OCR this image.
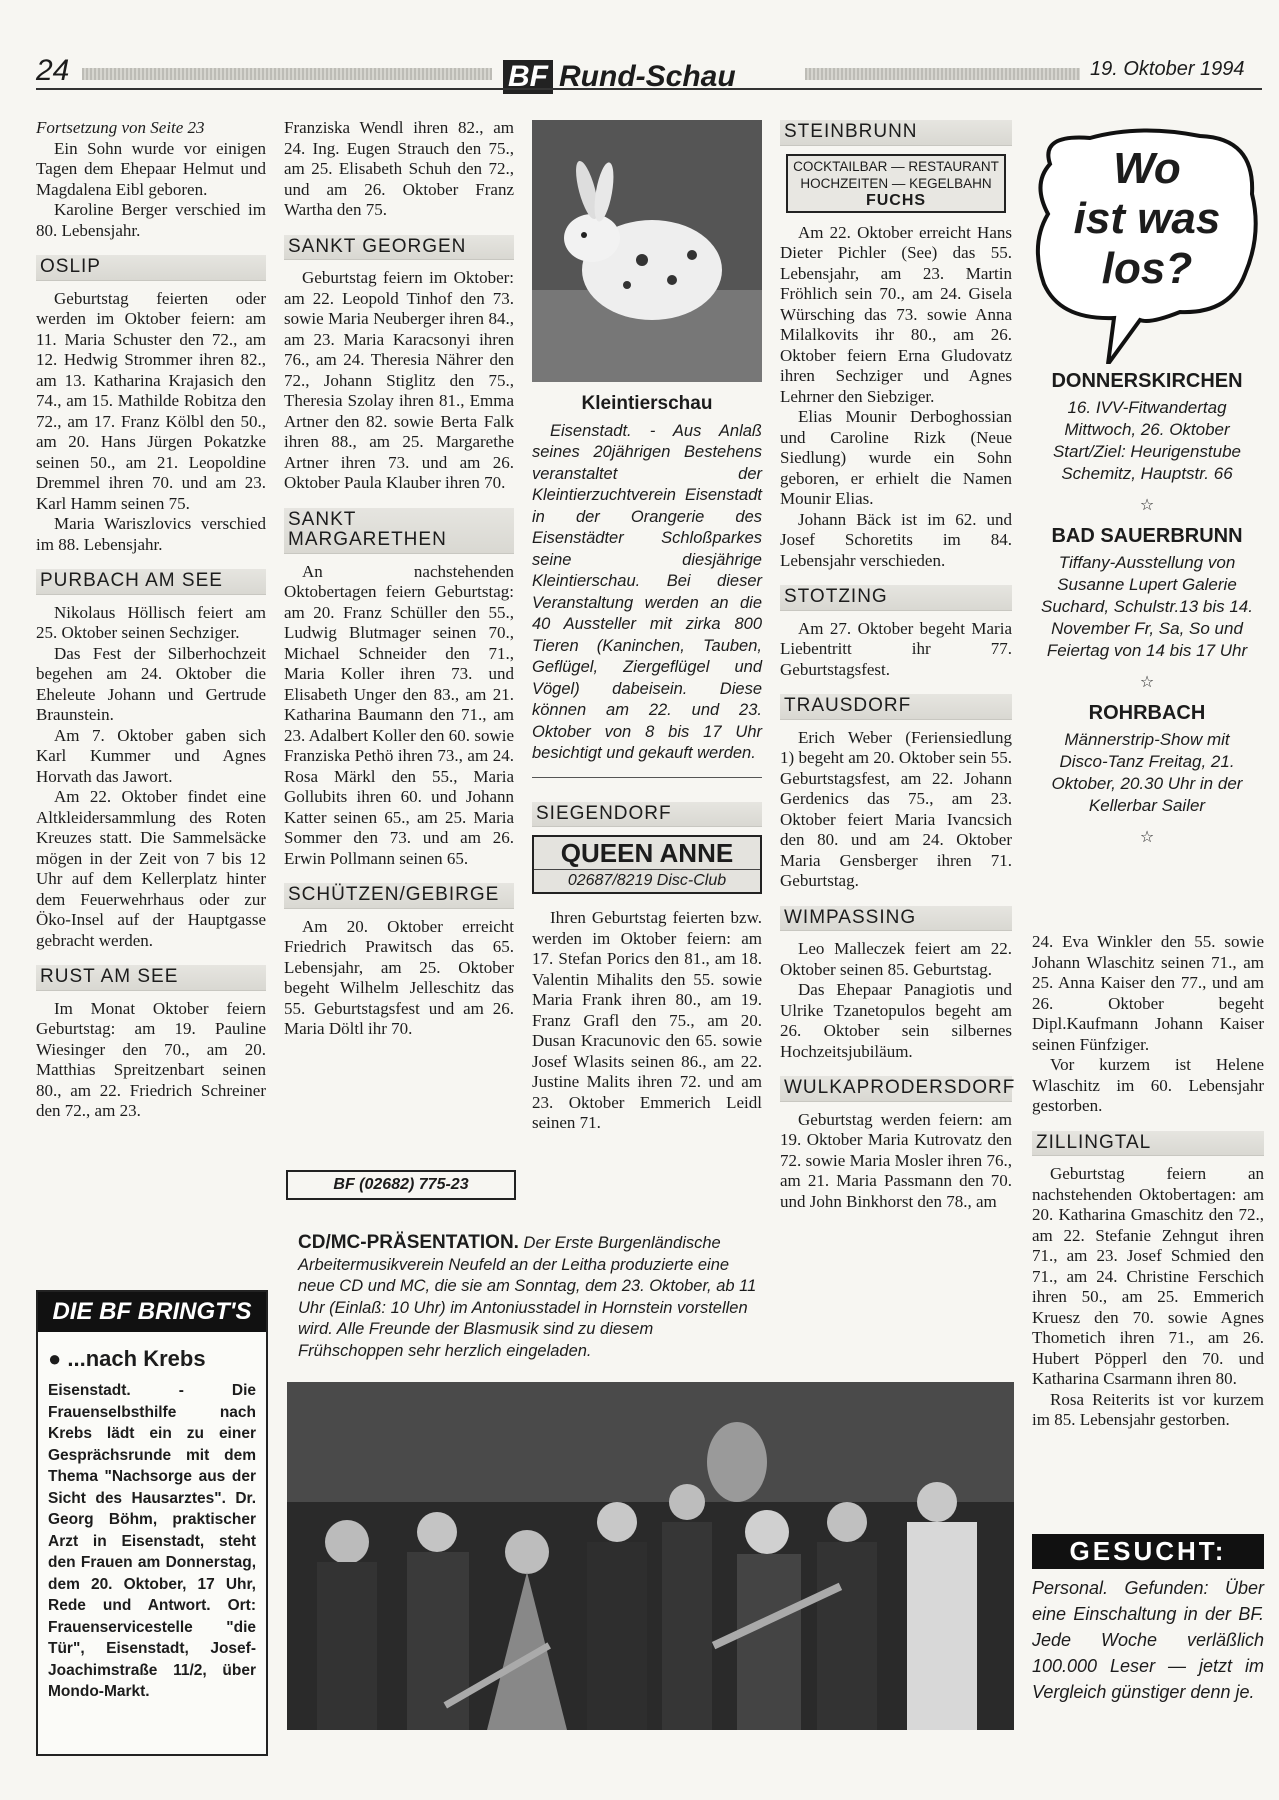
24	BF Rund-Schau	19. Oktober 1994

Fortsetzung von Seite 23

Ein Sohn wurde vor einigen Tagen dem Ehepaar Helmut und Magdalena Eibl geboren.

Karoline Berger verschied im 80. Lebensjahr.

OSLIP

Geburtstag feierten oder werden im Oktober feiern: am 11. Maria Schuster den 72., am 12. Hedwig Strommer ihren 82., am 13. Katharina Krajasich den 74., am 15. Mathilde Robitza den 72., am 17. Franz Kölbl den 50., am 20. Hans Jürgen Pokatzke seinen 50., am 21. Leopoldine Dremmel ihren 70. und am 23. Karl Hamm seinen 75.

Maria Wariszlovics verschied im 88. Lebensjahr.

PURBACH AM SEE

Nikolaus Höllisch feiert am 25. Oktober seinen Sechziger.

Das Fest der Silberhochzeit begehen am 24. Oktober die Eheleute Johann und Gertrude Braunstein.

Am 7. Oktober gaben sich Karl Kummer und Agnes Horvath das Jawort.

Am 22. Oktober findet eine Altkleidersammlung des Roten Kreuzes statt. Die Sammelsäcke mögen in der Zeit von 7 bis 12 Uhr auf dem Kellerplatz hinter dem Feuerwehrhaus oder zur Öko-Insel auf der Hauptgasse gebracht werden.

RUST AM SEE

Im Monat Oktober feiern Geburtstag: am 19. Pauline Wiesinger den 70., am 20. Matthias Spreitzenbart seinen 80., am 22. Friedrich Schreiner den 72., am 23.

DIE BF BRINGT'S
● ...nach Krebs
Eisenstadt. - Die Frauenselbsthilfe nach Krebs lädt ein zu einer Gesprächsrunde mit dem Thema "Nachsorge aus der Sicht des Hausarztes". Dr. Georg Böhm, praktischer Arzt in Eisenstadt, steht den Frauen am Donnerstag, dem 20. Oktober, 17 Uhr, Rede und Antwort. Ort: Frauenservicestelle "die Tür", Eisenstadt, Josef-Joachimstraße 11/2, über Mondo-Markt.

Franziska Wendl ihren 82., am 24. Ing. Eugen Strauch den 75., am 25. Elisabeth Schuh den 72., und am 26. Oktober Franz Wartha den 75.

SANKT GEORGEN

Geburtstag feiern im Oktober: am 22. Leopold Tinhof den 73. sowie Maria Neuberger ihren 84., am 23. Maria Karacsonyi ihren 76., am 24. Theresia Nährer den 72., Johann Stiglitz den 75., Theresia Szolay ihren 81., Emma Artner den 82. sowie Berta Falk ihren 88., am 25. Margarethe Artner ihren 73. und am 26. Oktober Paula Klauber ihren 70.

SANKT MARGARETHEN

An nachstehenden Oktobertagen feiern Geburtstag: am 20. Franz Schüller den 55., Ludwig Blutmager seinen 70., Michael Schneider den 71., Maria Koller ihren 73. und Elisabeth Unger den 83., am 21. Katharina Baumann den 71., am 23. Adalbert Koller den 60. sowie Franziska Pethö ihren 73., am 24. Rosa Märkl den 55., Maria Gollubits ihren 60. und Johann Katter seinen 65., am 25. Maria Sommer den 73. und am 26. Erwin Pollmann seinen 65.

SCHÜTZEN/GEBIRGE

Am 20. Oktober erreicht Friedrich Prawitsch das 65. Lebensjahr, am 25. Oktober begeht Wilhelm Jelleschitz das 55. Geburtstagsfest und am 26. Maria Döltl ihr 70.

BF (02682) 775-23
Kleintierschau

Eisenstadt. - Aus Anlaß seines 20jährigen Bestehens veranstaltet der Kleintierzuchtverein Eisenstadt in der Orangerie des Eisenstädter Schloßparkes seine diesjährige Kleintierschau. Bei dieser Veranstaltung werden an die 40 Aussteller mit zirka 800 Tieren (Kaninchen, Tauben, Geflügel, Ziergeflügel und Vögel) dabeisein. Diese können am 22. und 23. Oktober von 8 bis 17 Uhr besichtigt und gekauft werden.

SIEGENDORF
QUEEN ANNE
02687/8219 Disc-Club

Ihren Geburtstag feierten bzw. werden im Oktober feiern: am 17. Stefan Porics den 81., am 18. Valentin Mihalits den 55. sowie Maria Frank ihren 80., am 19. Franz Grafl den 75., am 20. Dusan Kracunovic den 65. sowie Josef Wlasits seinen 86., am 22. Justine Malits ihren 72. und am 23. Oktober Emmerich Leidl seinen 71.

CD/MC-PRÄSENTATION. Der Erste Burgenländische Arbeitermusikverein Neufeld an der Leitha produzierte eine neue CD und MC, die sie am Sonntag, dem 23. Oktober, ab 11 Uhr (Einlaß: 10 Uhr) im Antoniusstadel in Hornstein vorstellen wird. Alle Freunde der Blasmusik sind zu diesem Frühschoppen sehr herzlich eingeladen.
STEINBRUNN
COCKTAILBAR — RESTAURANT
HOCHZEITEN — KEGELBAHN
FUCHS

Am 22. Oktober erreicht Hans Dieter Pichler (See) das 55. Lebensjahr, am 23. Martin Fröhlich sein 70., am 24. Gisela Würsching das 73. sowie Anna Milalkovits ihr 80., am 26. Oktober feiern Erna Gludovatz ihren Sechziger und Agnes Lehrner den Siebziger.

Elias Mounir Derboghossian und Caroline Rizk (Neue Siedlung) wurde ein Sohn geboren, er erhielt die Namen Mounir Elias.

Johann Bäck ist im 62. und Josef Schoretits im 84. Lebensjahr verschieden.

STOTZING

Am 27. Oktober begeht Maria Liebentritt ihr 77. Geburtstagsfest.

TRAUSDORF

Erich Weber (Feriensiedlung 1) begeht am 20. Oktober sein 55. Geburtstagsfest, am 22. Johann Gerdenics das 75., am 23. Oktober feiert Maria Ivancsich den 80. und am 24. Oktober Maria Gensberger ihren 71. Geburtstag.

WIMPASSING

Leo Malleczek feiert am 22. Oktober seinen 85. Geburtstag.

Das Ehepaar Panagiotis und Ulrike Tzanetopulos begeht am 26. Oktober sein silbernes Hochzeitsjubiläum.

WULKAPRODERSDORF

Geburtstag werden feiern: am 19. Oktober Maria Kutrovatz den 72. sowie Maria Mosler ihren 76., am 21. Maria Passmann den 70. und John Binkhorst den 78., am

Wo
ist was
los?
DONNERSKIRCHEN
16. IVV-Fitwandertag Mittwoch, 26. Oktober Start/Ziel: Heurigenstube Schemitz, Hauptstr. 66
☆
BAD SAUERBRUNN
Tiffany-Ausstellung von Susanne Lupert Galerie Suchard, Schulstr.13 bis 14. November Fr, Sa, So und Feiertag von 14 bis 17 Uhr
☆
ROHRBACH
Männerstrip-Show mit Disco-Tanz Freitag, 21. Oktober, 20.30 Uhr in der Kellerbar Sailer
☆

24. Eva Winkler den 55. sowie Johann Wlaschitz seinen 71., am 25. Anna Kaiser den 77., und am 26. Oktober begeht Dipl.Kaufmann Johann Kaiser seinen Fünfziger.

Vor kurzem ist Helene Wlaschitz im 60. Lebensjahr gestorben.

ZILLINGTAL

Geburtstag feiern an nachstehenden Oktobertagen: am 20. Katharina Gmaschitz den 72., am 22. Stefanie Zehngut ihren 71., am 23. Josef Schmied den 71., am 24. Christine Ferschich ihren 50., am 25. Emmerich Kruesz den 70. sowie Agnes Thometich ihren 71., am 26. Hubert Pöpperl den 70. und Katharina Csarmann ihren 80.

Rosa Reiterits ist vor kurzem im 85. Lebensjahr gestorben.

GESUCHT:
Personal. Gefunden: Über eine Einschaltung in der BF. Jede Woche verläßlich 100.000 Leser — jetzt im Vergleich günstiger denn je.
